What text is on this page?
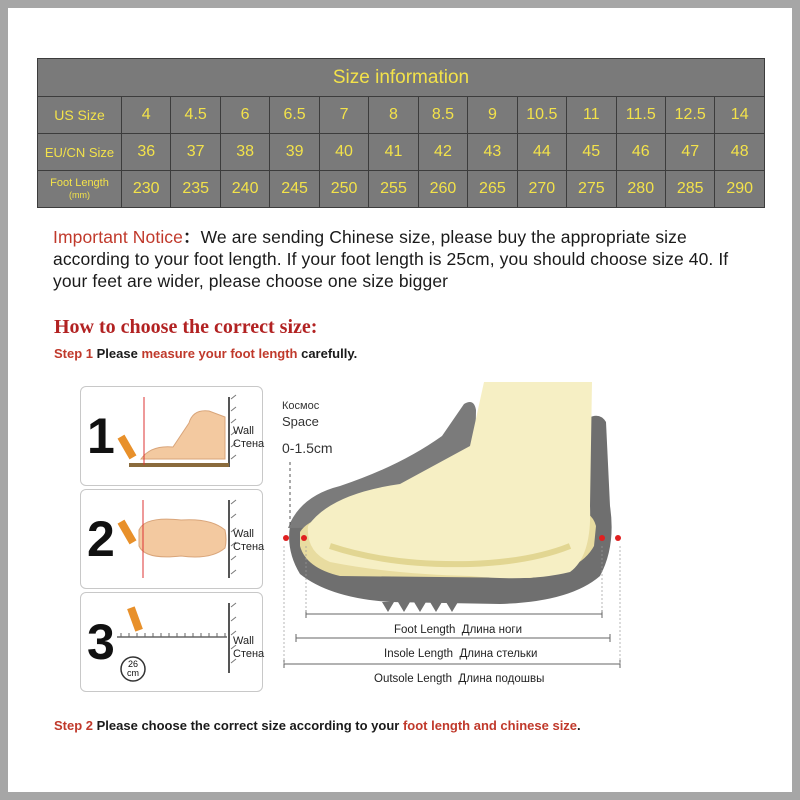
Size information													
US Size	4	4.5	6	6.5	7	8	8.5	9	10.5	11	11.5	12.5	14
EU/CN Size	36	37	38	39	40	41	42	43	44	45	46	47	48

Foot Length
(mm)	230	235	240	245	250	255	260	265	270	275	280	285	290
Important Notice：We are sending Chinese size, please buy the appropriate size according to your foot length. If your foot length is 25cm, you should choose size 40. If your feet are wider, please choose one size bigger
How to choose the correct size:
Step 1 Please measure your foot length carefully.
1	Wall
Стена
2	Wall
Стена
3	26
cm
Wall
Стена
Космос
Space
0-1.5cm
Foot Length Длина ноги
Insole Length Длина стельки
Outsole Length Длина подошвы
Step 2 Please choose the correct size according to your foot length and chinese size.
